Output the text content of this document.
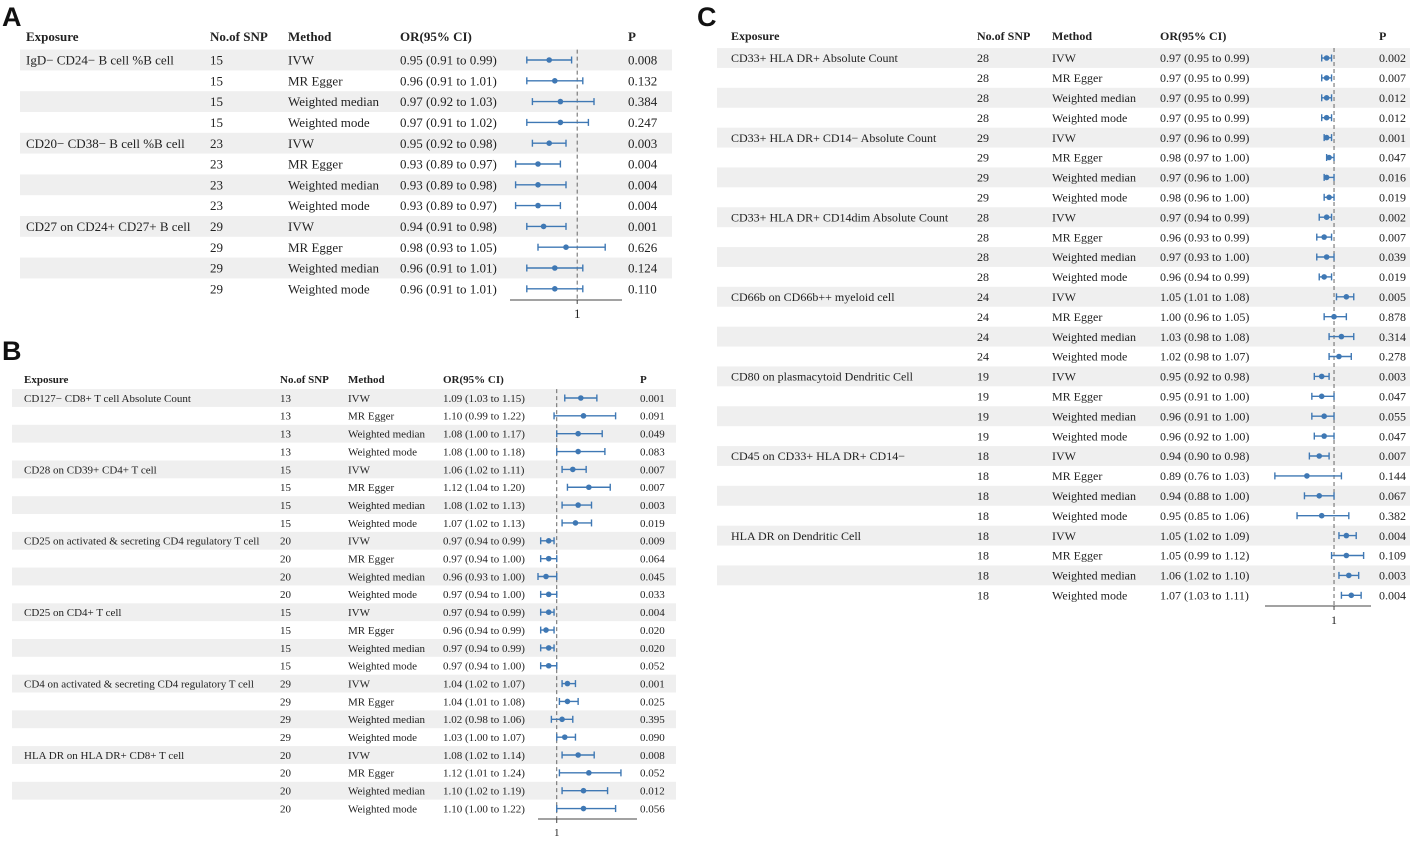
A
Exposure	No.of SNP Method	OR(95% CI)	P
1
IgD− CD24− B cell %B cell	15	IVW	0.95 (0.91 to 0.99)	0.008
15	MR Egger	0.96 (0.91 to 1.01)	0.132
15	Weighted median 0.97 (0.92 to 1.03)	0.384
15	Weighted mode 0.97 (0.91 to 1.02)	0.247
CD20− CD38− B cell %B cell 23	IVW	0.95 (0.92 to 0.98)	0.003
23	MR Egger	0.93 (0.89 to 0.97)	0.004
23	Weighted median 0.93 (0.89 to 0.98)	0.004
23	Weighted mode 0.93 (0.89 to 0.97)	0.004
CD27 on CD24+ CD27+ B cell 29	IVW	0.94 (0.91 to 0.98)	0.001
29	MR Egger	0.98 (0.93 to 1.05)	0.626
29	Weighted median 0.96 (0.91 to 1.01)	0.124
29	Weighted mode 0.96 (0.91 to 1.01)	0.110
B
Exposure	No.of SNP Method	OR(95% CI)	P
1
CD127− CD8+ T cell Absolute Count	13	IVW	1.09 (1.03 to 1.15)	0.001
13	MR Egger	1.10 (0.99 to 1.22)	0.091
13	Weighted median 1.08 (1.00 to 1.17)	0.049
13	Weighted mode 1.08 (1.00 to 1.18)	0.083
CD28 on CD39+ CD4+ T cell	15	IVW	1.06 (1.02 to 1.11)	0.007
15	MR Egger	1.12 (1.04 to 1.20)	0.007
15	Weighted median 1.08 (1.02 to 1.13)	0.003
15	Weighted mode 1.07 (1.02 to 1.13)	0.019
CD25 on activated & secreting CD4 regulatory T cell 20	IVW	0.97 (0.94 to 0.99)	0.009
20	MR Egger	0.97 (0.94 to 1.00)	0.064
20	Weighted median 0.96 (0.93 to 1.00)	0.045
20	Weighted mode 0.97 (0.94 to 1.00)	0.033
CD25 on CD4+ T cell	15	IVW	0.97 (0.94 to 0.99)	0.004
15	MR Egger	0.96 (0.94 to 0.99)	0.020
15	Weighted median 0.97 (0.94 to 0.99)	0.020
15	Weighted mode 0.97 (0.94 to 1.00)	0.052
CD4 on activated & secreting CD4 regulatory T cell 29	IVW	1.04 (1.02 to 1.07)	0.001
29	MR Egger	1.04 (1.01 to 1.08)	0.025
29	Weighted median 1.02 (0.98 to 1.06)	0.395
29	Weighted mode 1.03 (1.00 to 1.07)	0.090
HLA DR on HLA DR+ CD8+ T cell	20	IVW	1.08 (1.02 to 1.14)	0.008
20	MR Egger	1.12 (1.01 to 1.24)	0.052
20	Weighted median 1.10 (1.02 to 1.19)	0.012
20	Weighted mode 1.10 (1.00 to 1.22)	0.056
C
Exposure	No.of SNP Method	OR(95% CI)	P
1
CD33+ HLA DR+ Absolute Count	28	IVW	0.97 (0.95 to 0.99)	0.002
28	MR Egger	0.97 (0.95 to 0.99)	0.007
28	Weighted median 0.97 (0.95 to 0.99)	0.012
28	Weighted mode	0.97 (0.95 to 0.99)	0.012
CD33+ HLA DR+ CD14− Absolute Count	29	IVW	0.97 (0.96 to 0.99)	0.001
29	MR Egger	0.98 (0.97 to 1.00)	0.047
29	Weighted median 0.97 (0.96 to 1.00)	0.016
29	Weighted mode	0.98 (0.96 to 1.00)	0.019
CD33+ HLA DR+ CD14dim Absolute Count 28	IVW	0.97 (0.94 to 0.99)	0.002
28	MR Egger	0.96 (0.93 to 0.99)	0.007
28	Weighted median 0.97 (0.93 to 1.00)	0.039
28	Weighted mode	0.96 (0.94 to 0.99)	0.019
CD66b on CD66b++ myeloid cell	24	IVW	1.05 (1.01 to 1.08)	0.005
24	MR Egger	1.00 (0.96 to 1.05)	0.878
24	Weighted median 1.03 (0.98 to 1.08)	0.314
24	Weighted mode	1.02 (0.98 to 1.07)	0.278
CD80 on plasmacytoid Dendritic Cell	19	IVW	0.95 (0.92 to 0.98)	0.003
19	MR Egger	0.95 (0.91 to 1.00)	0.047
19	Weighted median 0.96 (0.91 to 1.00)	0.055
19	Weighted mode	0.96 (0.92 to 1.00)	0.047
CD45 on CD33+ HLA DR+ CD14−	18	IVW	0.94 (0.90 to 0.98)	0.007
18	MR Egger	0.89 (0.76 to 1.03)	0.144
18	Weighted median 0.94 (0.88 to 1.00)	0.067
18	Weighted mode	0.95 (0.85 to 1.06)	0.382
HLA DR on Dendritic Cell	18	IVW	1.05 (1.02 to 1.09)	0.004
18	MR Egger	1.05 (0.99 to 1.12)	0.109
18	Weighted median 1.06 (1.02 to 1.10)	0.003
18	Weighted mode	1.07 (1.03 to 1.11)	0.004
